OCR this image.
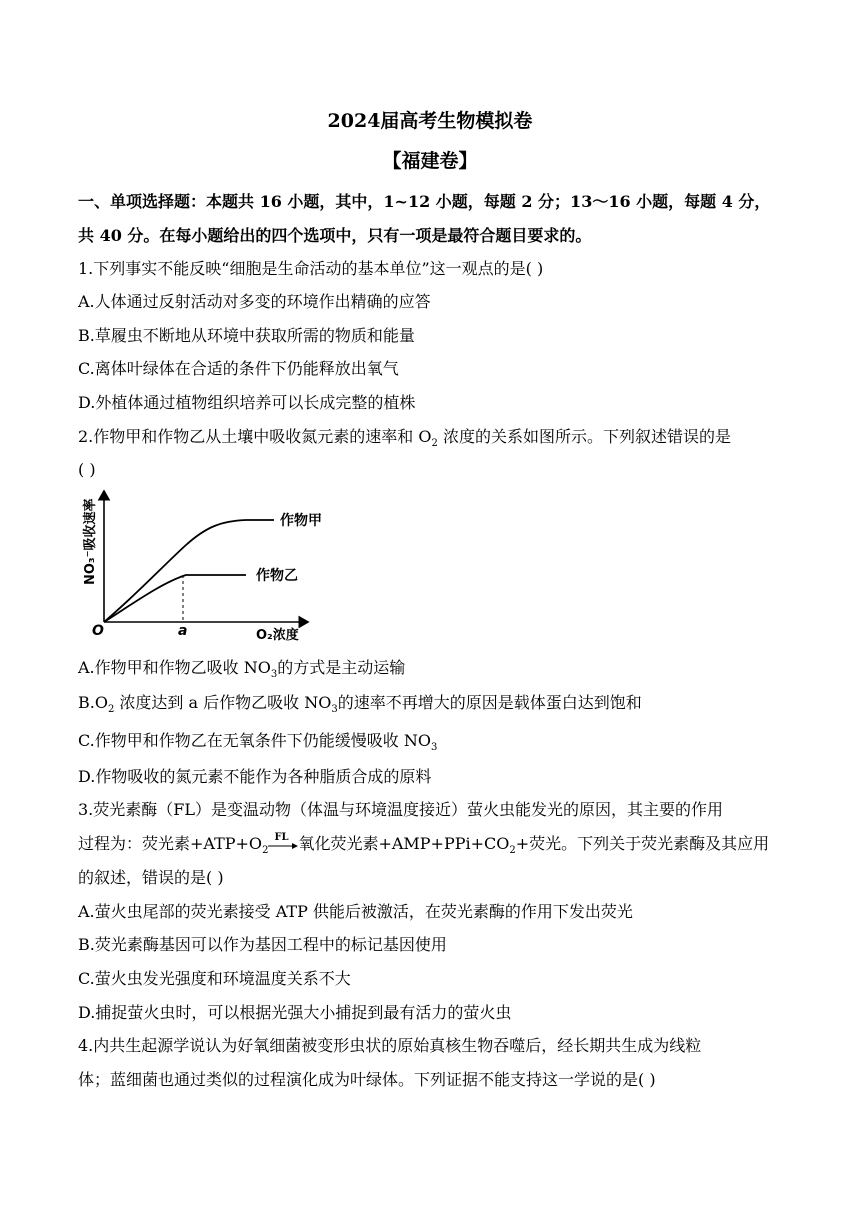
2024届高考生物模拟卷
【福建卷】
一、单项选择题：本题共 16 小题，其中，1~12 小题，每题 2 分；13～16 小题，每题 4 分，
共 40 分。在每小题给出的四个选项中，只有一项是最符合题目要求的。
1.下列事实不能反映“细胞是生命活动的基本单位”这一观点的是( )
A.人体通过反射活动对多变的环境作出精确的应答
B.草履虫不断地从环境中获取所需的物质和能量
C.离体叶绿体在合适的条件下仍能释放出氧气
D.外植体通过植物组织培养可以长成完整的植株
2.作物甲和作物乙从土壤中吸收氮元素的速率和 $O_2$ 浓度的关系如图所示。下列叙述错误的是
( )
作物甲
作物乙
O	a	O₂浓度
NO₃⁻吸收速率
A.作物甲和作物乙吸收 $NO_3$的方式是主动运输
$B.O_2$ 浓度达到 a 后作物乙吸收 $NO_3$的速率不再增大的原因是载体蛋白达到饱和
C.作物甲和作物乙在无氧条件下仍能缓慢吸收 $NO_3$
D.作物吸收的氮元素不能作为各种脂质合成的原料
3.荧光素酶（FL）是变温动物（体温与环境温度接近）萤火虫能发光的原因，其主要的作用
过程为：荧光素$+ATP+O_2$
FL 氧化荧光素$+AMP+PPi+CO_2+$荧光。下列关于荧光素酶及其应用
的叙述，错误的是( )
A.萤火虫尾部的荧光素接受 ATP 供能后被激活，在荧光素酶的作用下发出荧光
B.荧光素酶基因可以作为基因工程中的标记基因使用
C.萤火虫发光强度和环境温度关系不大
D.捕捉萤火虫时，可以根据光强大小捕捉到最有活力的萤火虫
4.内共生起源学说认为好氧细菌被变形虫状的原始真核生物吞噬后，经长期共生成为线粒
体；蓝细菌也通过类似的过程演化成为叶绿体。下列证据不能支持这一学说的是( )
